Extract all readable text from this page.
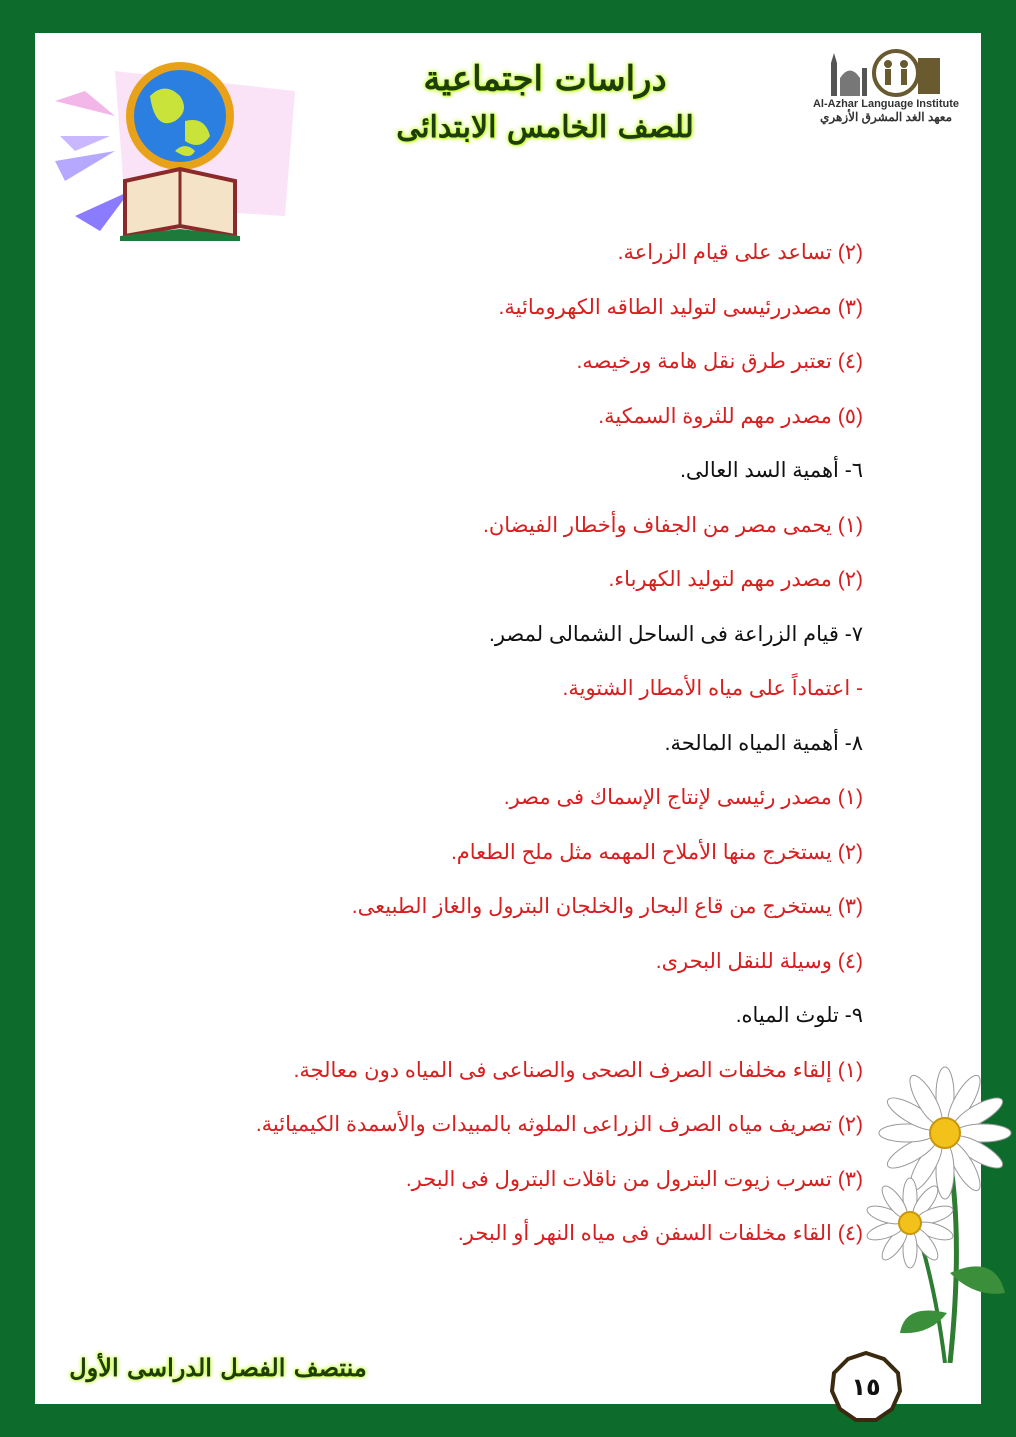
دراسات اجتماعية
للصف الخامس الابتدائى
Al-Azhar Language Institute
معهد الغد المشرق الأزهري
(٢) تساعد على قيام الزراعة.
(٣) مصدررئيسى لتوليد الطاقه الكهرومائية.
(٤) تعتبر طرق نقل هامة ورخيصه.
(٥) مصدر مهم للثروة السمكية.
٦- أهمية السد العالى.
(١) يحمى مصر من الجفاف وأخطار الفيضان.
(٢) مصدر مهم لتوليد الكهرباء.
٧- قيام الزراعة فى الساحل الشمالى لمصر.
- اعتماداً على مياه الأمطار الشتوية.
٨- أهمية المياه المالحة.
(١) مصدر رئيسى لإنتاج الإسماك فى مصر.
(٢) يستخرج منها الأملاح المهمه مثل ملح الطعام.
(٣) يستخرج من قاع البحار والخلجان البترول والغاز الطبيعى.
(٤) وسيلة للنقل البحرى.
٩- تلوث المياه.
(١) إلقاء مخلفات الصرف الصحى والصناعى فى المياه دون معالجة.
(٢) تصريف مياه الصرف الزراعى الملوثه بالمبيدات والأسمدة الكيميائية.
(٣) تسرب زيوت البترول من ناقلات البترول فى البحر.
(٤) القاء مخلفات السفن فى مياه النهر أو البحر.
منتصف الفصل الدراسى الأول
١٥
